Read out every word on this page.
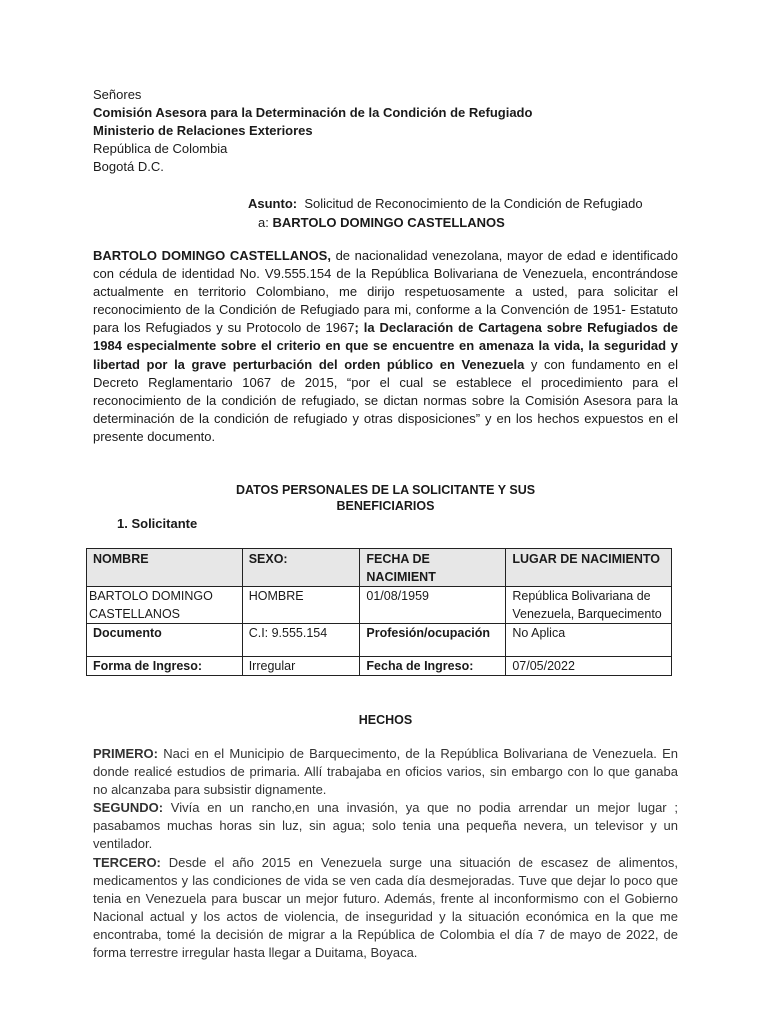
Señores
Comisión Asesora para la Determinación de la Condición de Refugiado
Ministerio de Relaciones Exteriores
República de Colombia
Bogotá D.C.
Asunto: Solicitud de Reconocimiento de la Condición de Refugiado
a: BARTOLO DOMINGO CASTELLANOS
BARTOLO DOMINGO CASTELLANOS, de nacionalidad venezolana, mayor de edad e identificado con cédula de identidad No. V9.555.154 de la República Bolivariana de Venezuela, encontrándose actualmente en territorio Colombiano, me dirijo respetuosamente a usted, para solicitar el reconocimiento de la Condición de Refugiado para mi, conforme a la Convención de 1951- Estatuto para los Refugiados y su Protocolo de 1967; la Declaración de Cartagena sobre Refugiados de 1984 especialmente sobre el criterio en que se encuentre en amenaza la vida, la seguridad y libertad por la grave perturbación del orden público en Venezuela y con fundamento en el Decreto Reglamentario 1067 de 2015, “por el cual se establece el procedimiento para el reconocimiento de la condición de refugiado, se dictan normas sobre la Comisión Asesora para la determinación de la condición de refugiado y otras disposiciones” y en los hechos expuestos en el presente documento.
DATOS PERSONALES DE LA SOLICITANTE Y SUS
BENEFICIARIOS
1. Solicitante
NOMBRE	SEXO:	FECHA DE NACIMIENT	LUGAR DE NACIMIENTO
BARTOLO DOMINGO CASTELLANOS	HOMBRE	01/08/1959	República Bolivariana de Venezuela, Barquecimento
Documento	C.I: 9.555.154	Profesión/ocupación	No Aplica
Forma de Ingreso:	Irregular	Fecha de Ingreso:	07/05/2022
HECHOS
PRIMERO: Naci en el Municipio de Barquecimento, de la República Bolivariana de Venezuela. En donde realicé estudios de primaria. Allí trabajaba en oficios varios, sin embargo con lo que ganaba no alcanzaba para subsistir dignamente.
SEGUNDO: Vivía en un rancho,en una invasión, ya que no podia arrendar un mejor lugar ; pasabamos muchas horas sin luz, sin agua; solo tenia una pequeña nevera, un televisor y un ventilador.
TERCERO: Desde el año 2015 en Venezuela surge una situación de escasez de alimentos, medicamentos y las condiciones de vida se ven cada día desmejoradas. Tuve que dejar lo poco que tenia en Venezuela para buscar un mejor futuro. Además, frente al inconformismo con el Gobierno Nacional actual y los actos de violencia, de inseguridad y la situación económica en la que me encontraba, tomé la decisión de migrar a la República de Colombia el día 7 de mayo de 2022, de forma terrestre irregular hasta llegar a Duitama, Boyaca.
